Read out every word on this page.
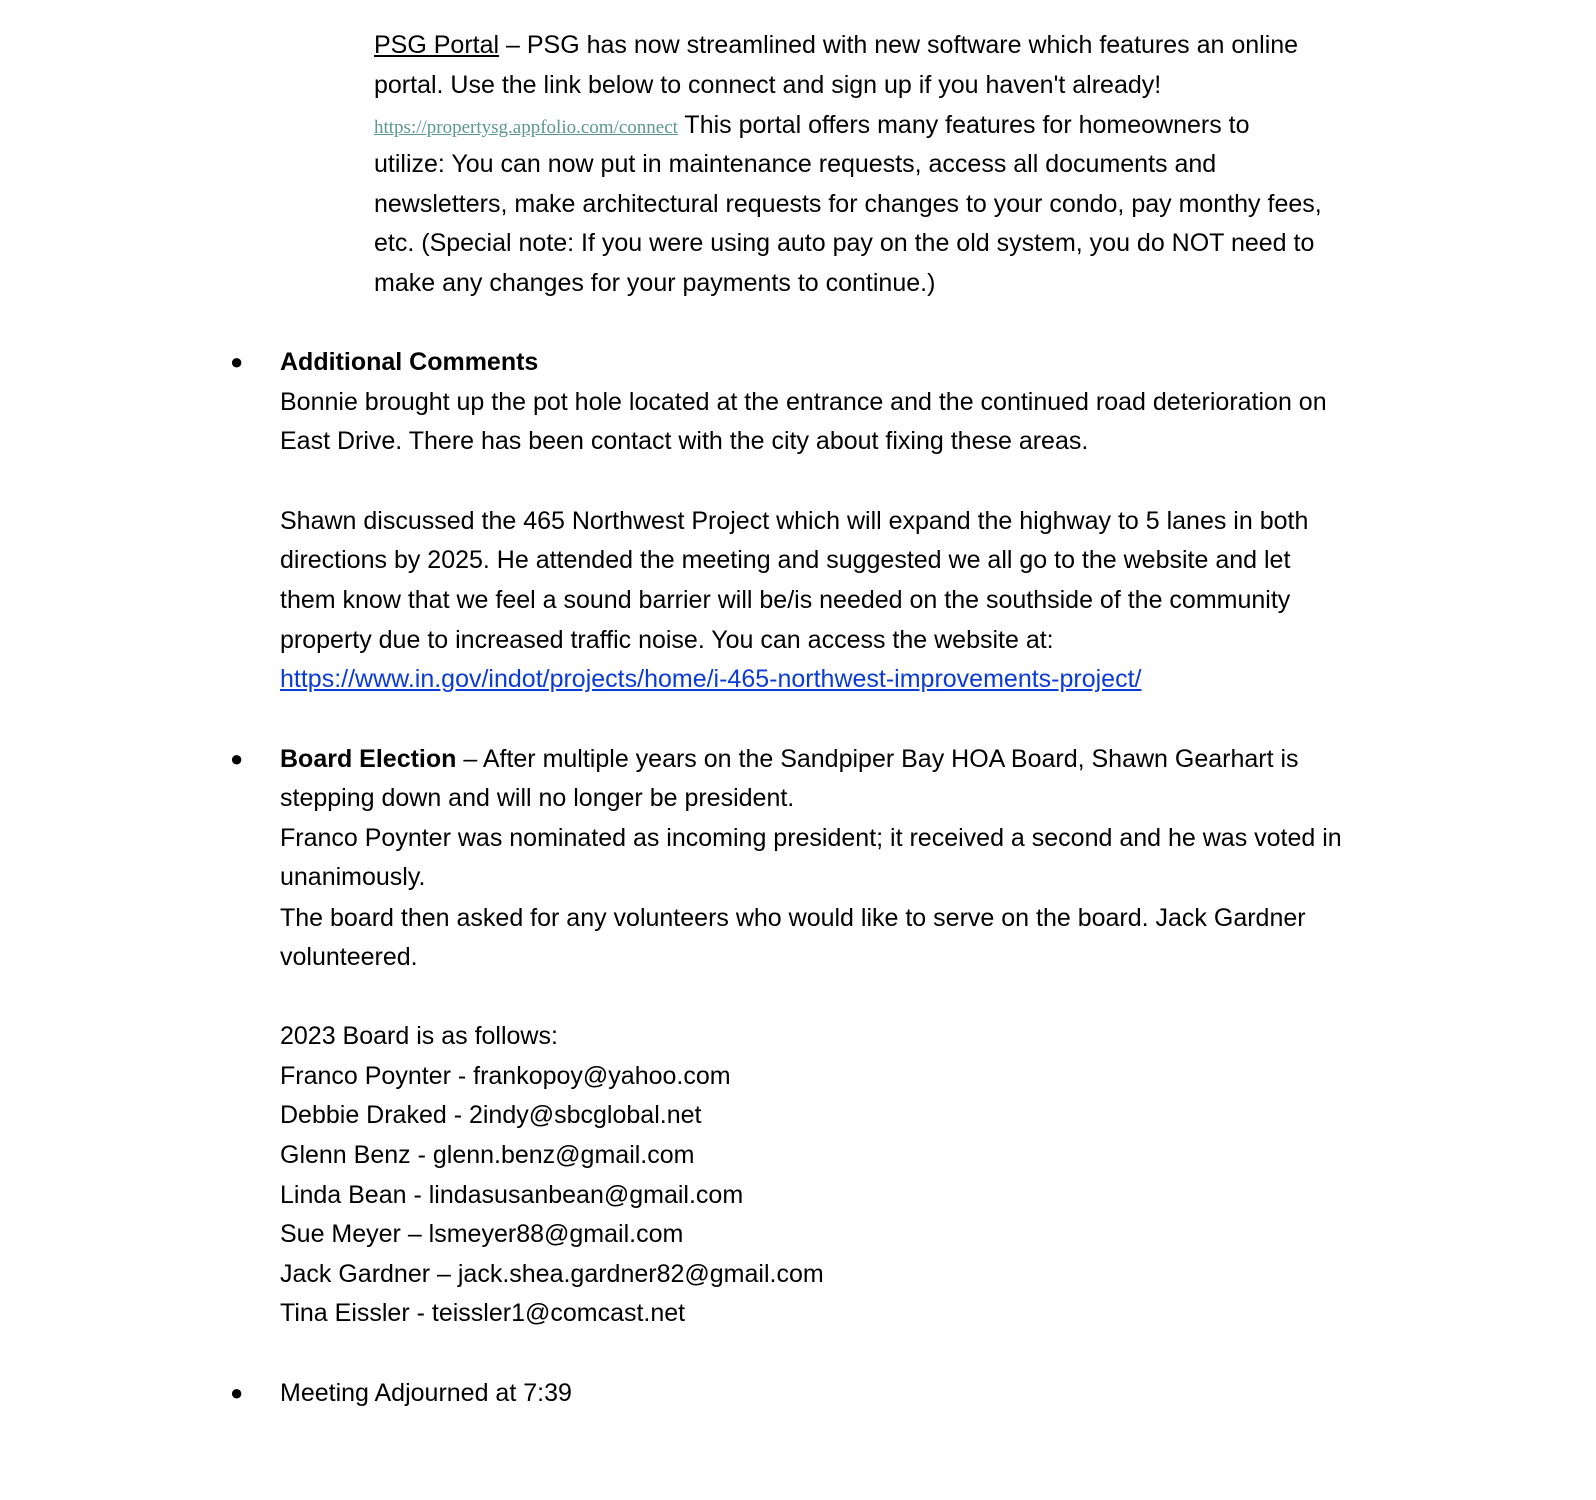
PSG Portal – PSG has now streamlined with new software which features an online
portal. Use the link below to connect and sign up if you haven't already!
https://propertysg.appfolio.com/connect This portal offers many features for homeowners to
utilize: You can now put in maintenance requests, access all documents and
newsletters, make architectural requests for changes to your condo, pay monthy fees,
etc. (Special note: If you were using auto pay on the old system, you do NOT need to
make any changes for your payments to continue.)
● Additional Comments
Bonnie brought up the pot hole located at the entrance and the continued road deterioration on
East Drive. There has been contact with the city about fixing these areas.
Shawn discussed the 465 Northwest Project which will expand the highway to 5 lanes in both
directions by 2025. He attended the meeting and suggested we all go to the website and let
them know that we feel a sound barrier will be/is needed on the southside of the community
property due to increased traffic noise. You can access the website at:
https://www.in.gov/indot/projects/home/i-465-northwest-improvements-project/
● Board Election – After multiple years on the Sandpiper Bay HOA Board, Shawn Gearhart is
stepping down and will no longer be president.
Franco Poynter was nominated as incoming president; it received a second and he was voted in
unanimously.
The board then asked for any volunteers who would like to serve on the board. Jack Gardner
volunteered.
2023 Board is as follows:
Franco Poynter - frankopoy@yahoo.com
Debbie Draked - 2indy@sbcglobal.net
Glenn Benz - glenn.benz@gmail.com
Linda Bean - lindasusanbean@gmail.com
Sue Meyer – lsmeyer88@gmail.com
Jack Gardner – jack.shea.gardner82@gmail.com
Tina Eissler - teissler1@comcast.net
● Meeting Adjourned at 7:39
